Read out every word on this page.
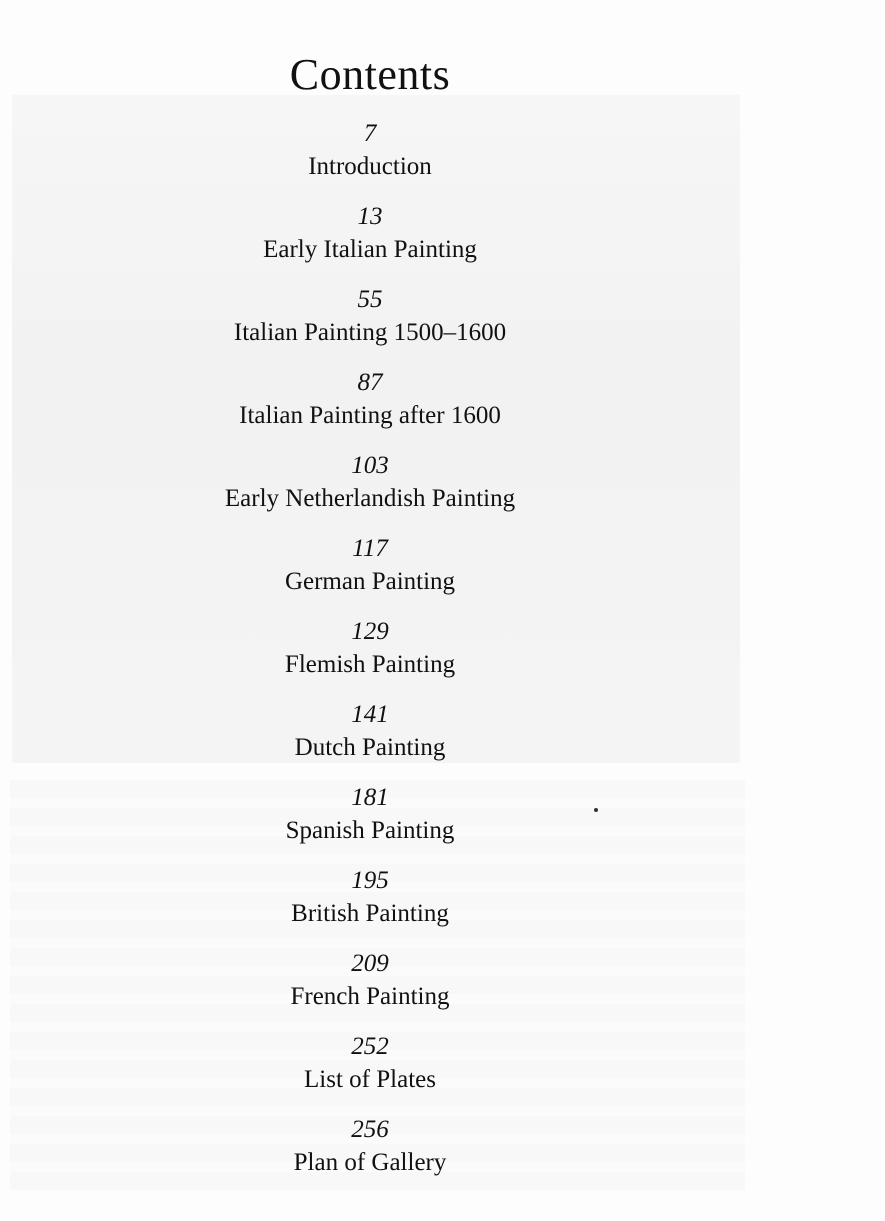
Contents
7
Introduction
13
Early Italian Painting
55
Italian Painting 1500–1600
87
Italian Painting after 1600
103
Early Netherlandish Painting
117
German Painting
129
Flemish Painting
141
Dutch Painting
181
Spanish Painting
195
British Painting
209
French Painting
252
List of Plates
256
Plan of Gallery
